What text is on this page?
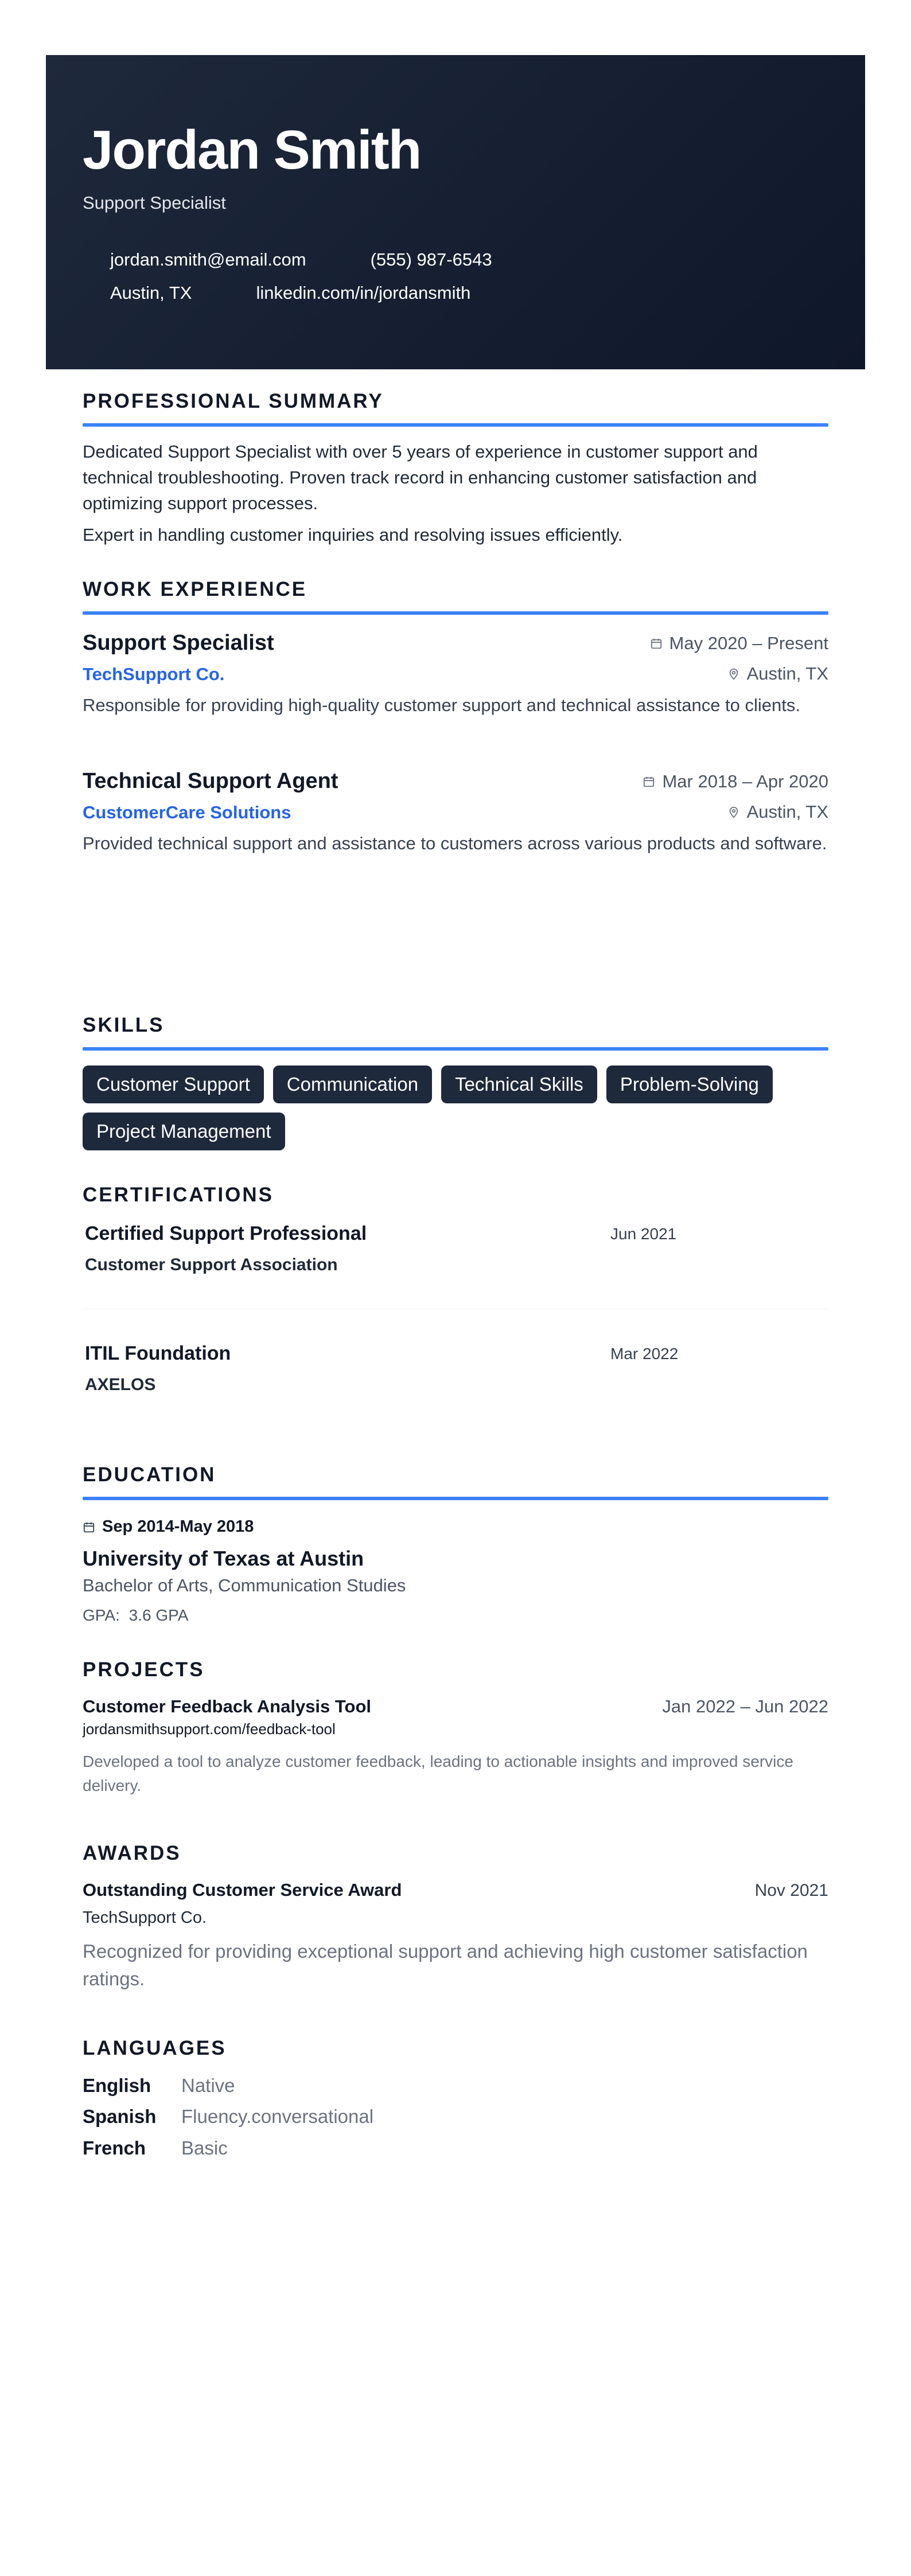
Jordan Smith
Support Specialist
jordan.smith@email.com	(555) 987-6543
Austin, TX	linkedin.com/in/jordansmith
PROFESSIONAL SUMMARY
Dedicated Support Specialist with over 5 years of experience in customer support and technical troubleshooting. Proven track record in enhancing customer satisfaction and optimizing support processes.
Expert in handling customer inquiries and resolving issues efficiently.
WORK EXPERIENCE
Support Specialist	May 2020 – Present
TechSupport Co.	Austin, TX
Responsible for providing high-quality customer support and technical assistance to clients.
Technical Support Agent	Mar 2018 – Apr 2020
CustomerCare Solutions	Austin, TX
Provided technical support and assistance to customers across various products and software.
SKILLS
Customer Support Communication Technical Skills Problem-SolvingProject Management
CERTIFICATIONS
Certified Support Professional
Customer Support Association
Jun 2021
ITIL Foundation
AXELOS
Mar 2022
EDUCATION
Sep 2014-May 2018
University of Texas at Austin
Bachelor of Arts, Communication Studies
GPA: 3.6 GPA
PROJECTS
Customer Feedback Analysis Tool	Jan 2022 – Jun 2022
jordansmithsupport.com/feedback-tool
Developed a tool to analyze customer feedback, leading to actionable insights and improved service delivery.
AWARDS
Outstanding Customer Service Award	Nov 2021
TechSupport Co.
Recognized for providing exceptional support and achieving high customer satisfaction ratings.
LANGUAGES
English	Native
Spanish	Fluency.conversational
French	Basic
